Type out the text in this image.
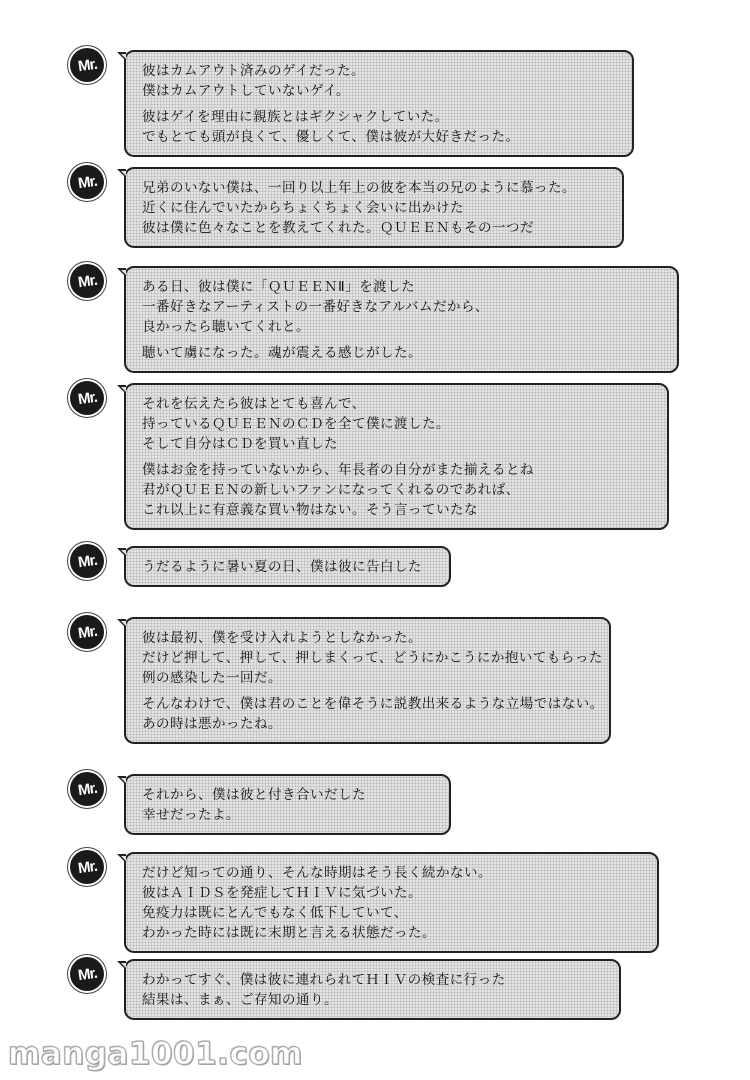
Mr.	彼はカムアウト済みのゲイだった。
僕はカムアウトしていないゲイ。
彼はゲイを理由に親族とはギクシャクしていた。
でもとても頭が良くて、優しくて、僕は彼が大好きだった。
Mr.	兄弟のいない僕は、一回り以上年上の彼を本当の兄のように慕った。
近くに住んでいたからちょくちょく会いに出かけた
彼は僕に色々なことを教えてくれた。ＱＵＥＥＮもその一つだ
Mr.	ある日、彼は僕に「ＱＵＥＥＮⅡ」を渡した
一番好きなアーティストの一番好きなアルバムだから、
良かったら聴いてくれと。
聴いて虜になった。魂が震える感じがした。
Mr.	それを伝えたら彼はとても喜んで、
持っているＱＵＥＥＮのＣＤを全て僕に渡した。
そして自分はＣＤを買い直した
僕はお金を持っていないから、年長者の自分がまた揃えるとね
君がＱＵＥＥＮの新しいファンになってくれるのであれば、
これ以上に有意義な買い物はない。そう言っていたな
Mr.	うだるように暑い夏の日、僕は彼に告白した
Mr.	彼は最初、僕を受け入れようとしなかった。
だけど押して、押して、押しまくって、どうにかこうにか抱いてもらった
例の感染した一回だ。
そんなわけで、僕は君のことを偉そうに説教出来るような立場ではない。
あの時は悪かったね。
Mr.	それから、僕は彼と付き合いだした
幸せだったよ。
Mr.	だけど知っての通り、そんな時期はそう長く続かない。
彼はＡＩＤＳを発症してＨＩＶに気づいた。
免疫力は既にとんでもなく低下していて、
わかった時には既に末期と言える状態だった。
Mr.	わかってすぐ、僕は彼に連れられてＨＩＶの検査に行った
結果は、まぁ、ご存知の通り。
manga1001.com
